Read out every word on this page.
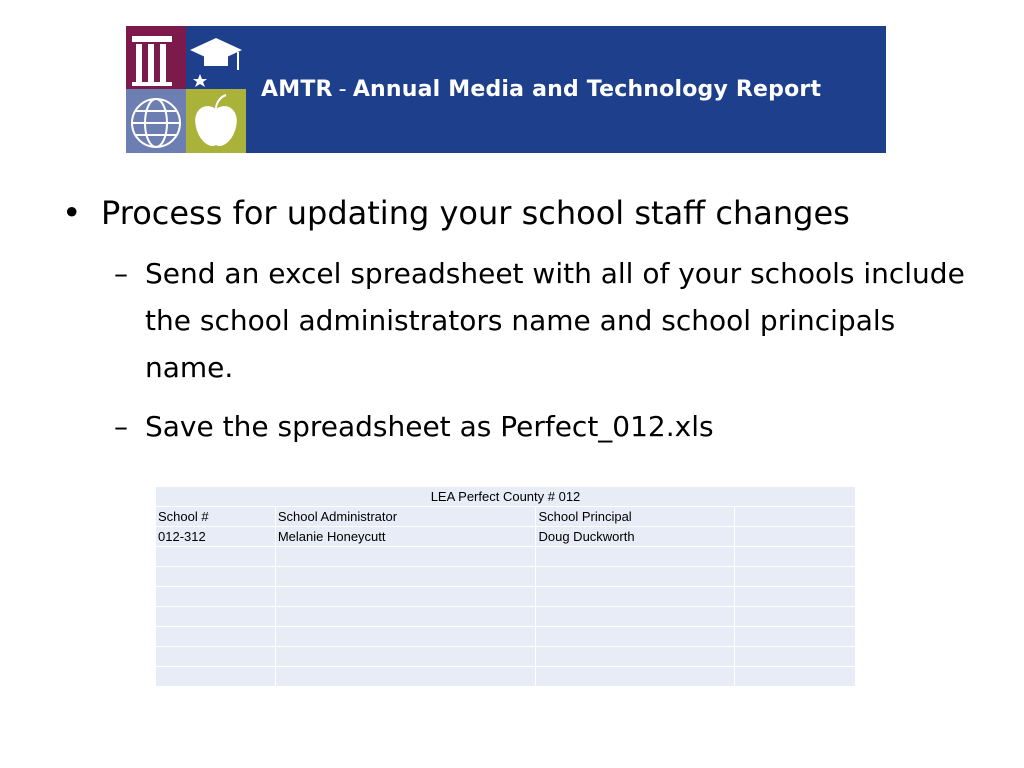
AMTR - Annual Media and Technology Report
• Process for updating your school staff changes
– Send an excel spreadsheet with all of your schools include the school administrators name and school principals name.
– Save the spreadsheet as Perfect_012.xls
LEA Perfect County # 012			
School #	School Administrator	School Principal	
012-312	Melanie Honeycutt	Doug Duckworth	
